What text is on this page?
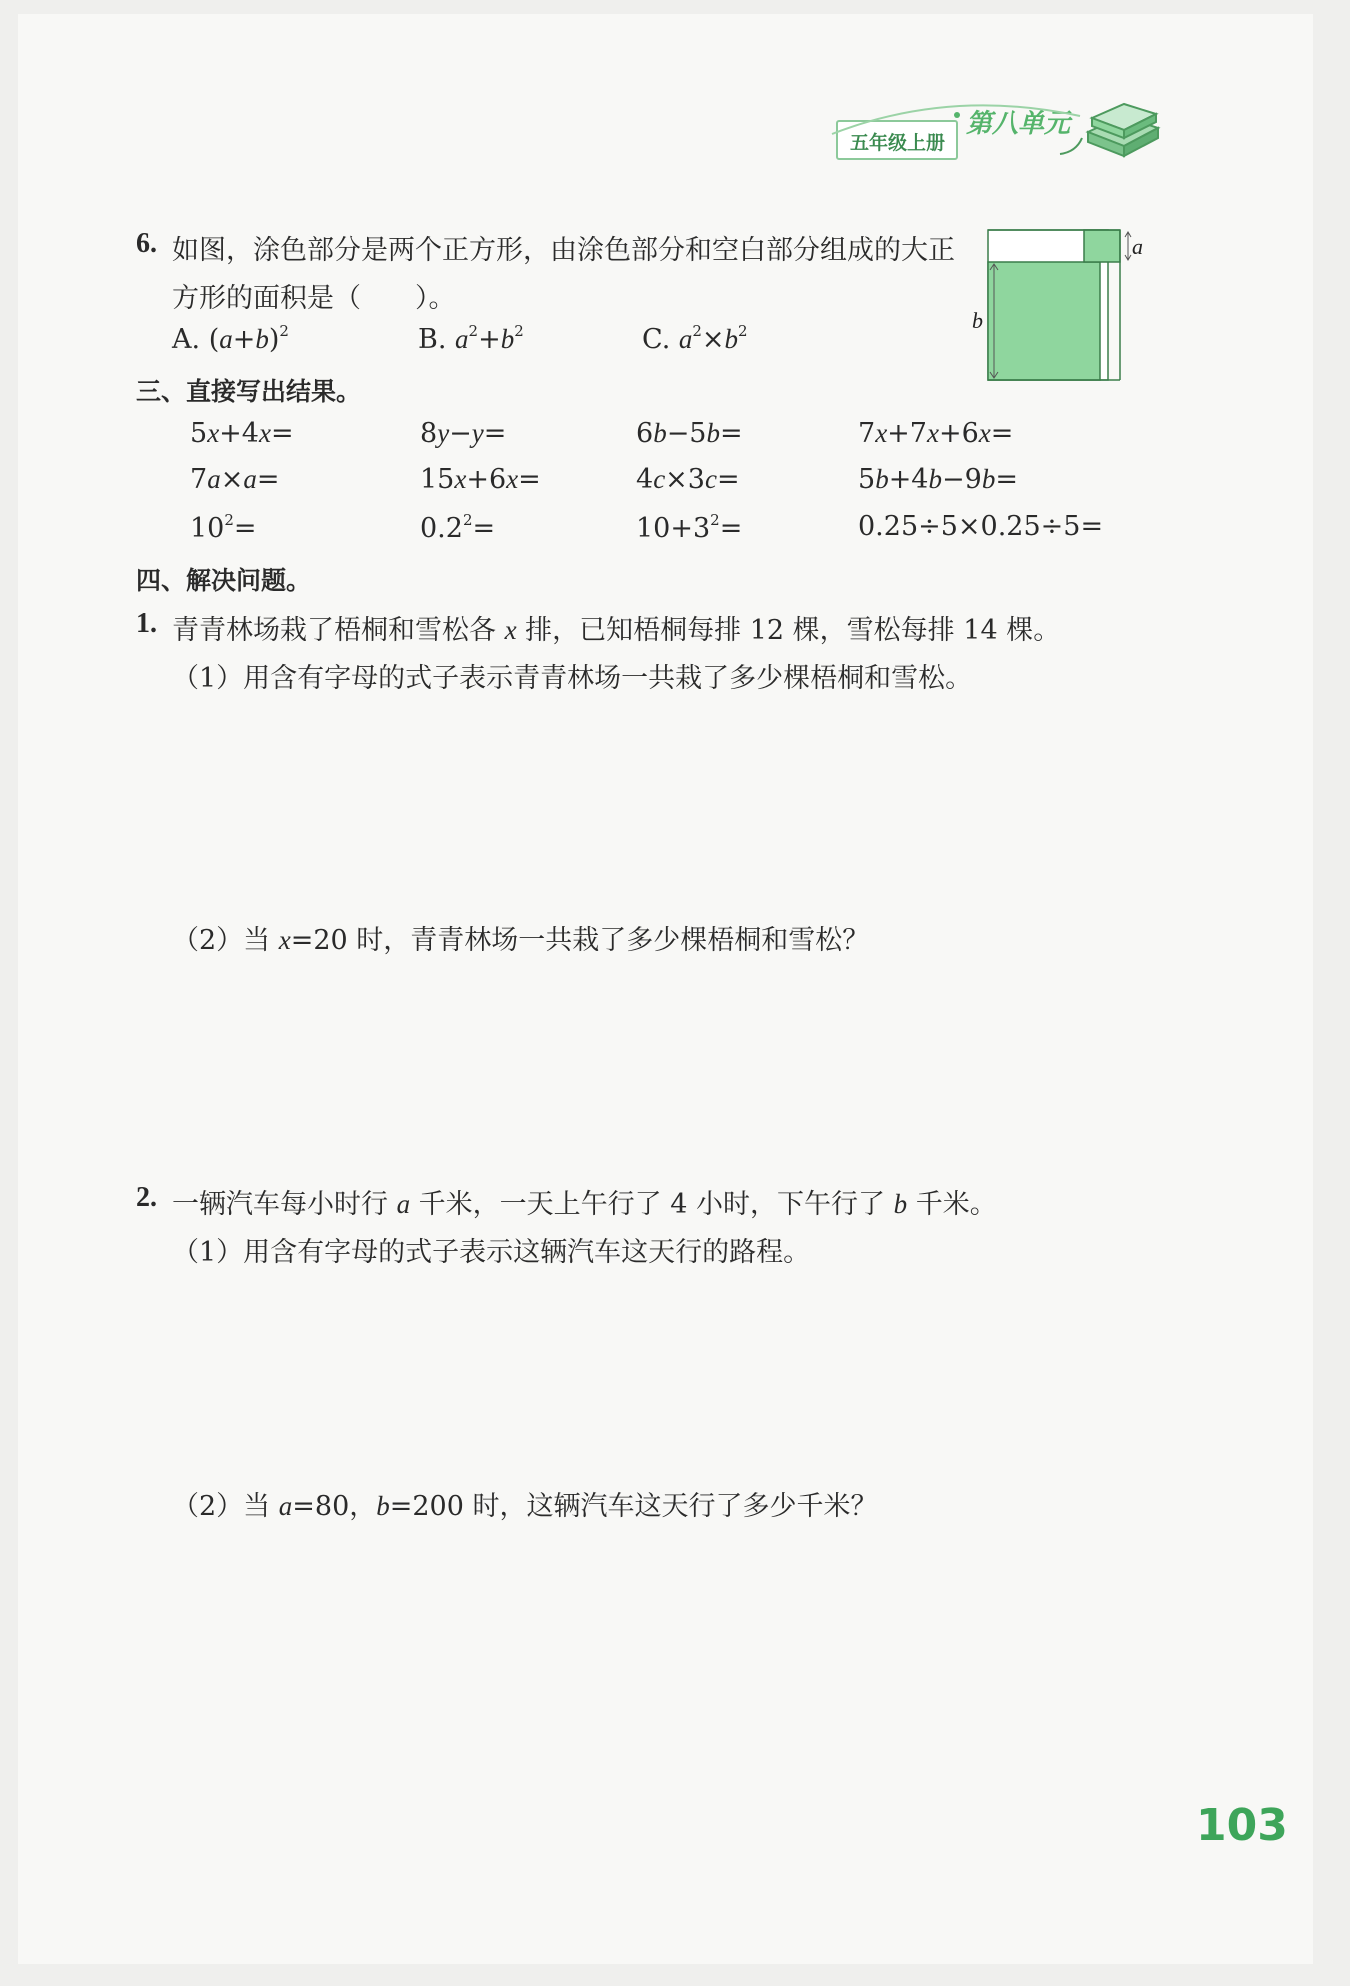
五年级上册
第八单元
6. 如图，涂色部分是两个正方形，由涂色部分和空白部分组成的大正
方形的面积是（　　）。
A. $(a+b)^2$	B. $a^2+b^2$	C. $a^2\times b^2$
a
b
三、直接写出结果。
5x+4x=	8y−y=	6b−5b=	7x+7x+6x=
7a×a=	15x+6x=	4c×3c=	5b+4b−9b=
$10^2=$	$0.2^2=$	$10+3^2=$	0.25÷5×0.25÷5=
四、解决问题。
1. 青青林场栽了梧桐和雪松各 x 排，已知梧桐每排 12 棵，雪松每排 14 棵。
（1）用含有字母的式子表示青青林场一共栽了多少棵梧桐和雪松。
（2）当 x=20 时，青青林场一共栽了多少棵梧桐和雪松？
2. 一辆汽车每小时行 a 千米，一天上午行了 4 小时，下午行了 b 千米。
（1）用含有字母的式子表示这辆汽车这天行的路程。
（2）当 a=80，b=200 时，这辆汽车这天行了多少千米？
103
